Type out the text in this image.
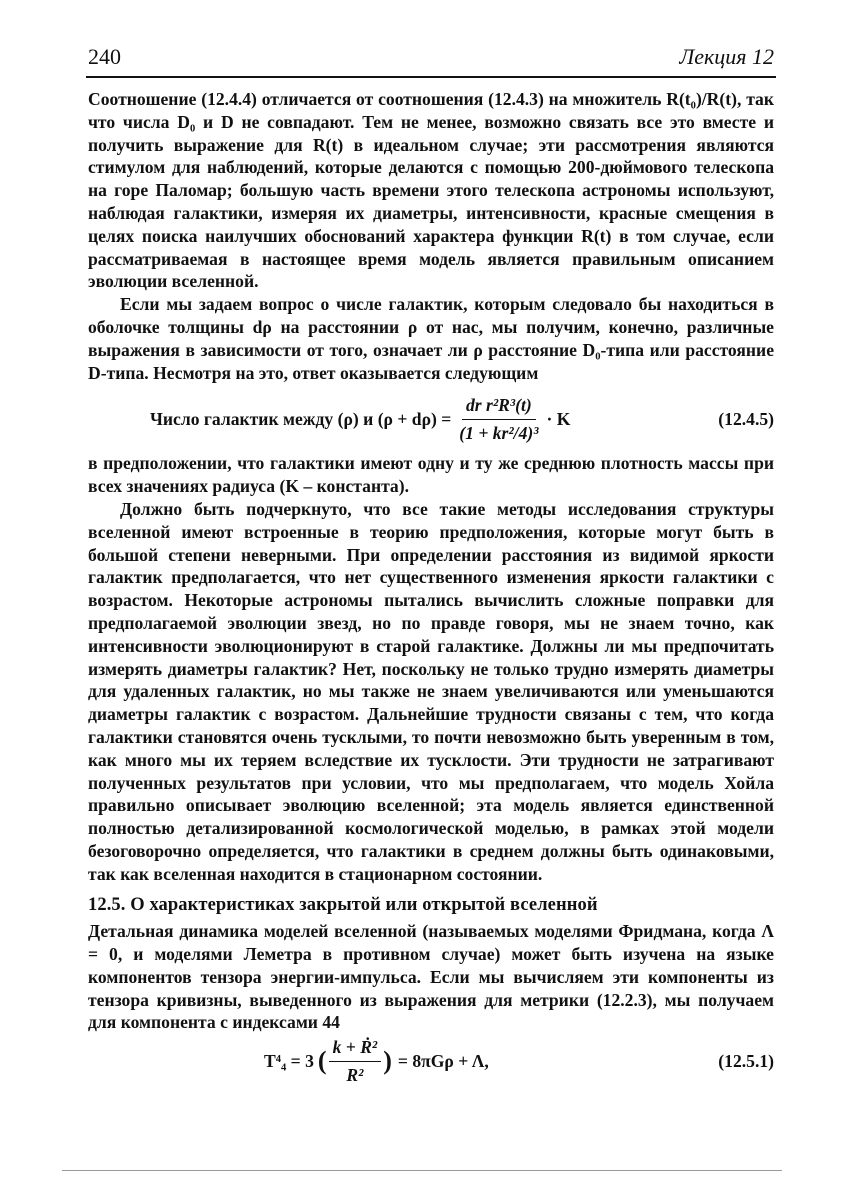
240	Лекция 12

Соотношение (12.4.4) отличается от соотношения (12.4.3) на множитель R(t₀)/R(t), так что числа D₀ и D не совпадают. Тем не менее, возможно связать все это вместе и получить выражение для R(t) в идеальном случае; эти рассмотрения являются стимулом для наблюдений, которые делаются с помощью 200-дюймового телескопа на горе Паломар; большую часть времени этого телескопа астрономы используют, наблюдая галактики, измеряя их диаметры, интенсивности, красные смещения в целях поиска наилучших обоснований характера функции R(t) в том случае, если рассматриваемая в настоящее время модель является правильным описанием эволюции вселенной.

Если мы задаем вопрос о числе галактик, которым следовало бы находиться в оболочке толщины dρ на расстоянии ρ от нас, мы получим, конечно, различные выражения в зависимости от того, означает ли ρ расстояние D₀-типа или расстояние D-типа. Несмотря на это, ответ оказывается следующим

Число галактик между (ρ) и $(\rho + d\rho) = \frac{\text{dr r²R³(t)}}{\text{(1 + kr²/4)³}} \cdot K$	(12.4.5)

в предположении, что галактики имеют одну и ту же среднюю плотность массы при всех значениях радиуса (K – константа).

Должно быть подчеркнуто, что все такие методы исследования структуры вселенной имеют встроенные в теорию предположения, которые могут быть в большой степени неверными. При определении расстояния из видимой яркости галактик предполагается, что нет существенного изменения яркости галактики с возрастом. Некоторые астрономы пытались вычислить сложные поправки для предполагаемой эволюции звезд, но по правде говоря, мы не знаем точно, как интенсивности эволюционируют в старой галактике. Должны ли мы предпочитать измерять диаметры галактик? Нет, поскольку не только трудно измерять диаметры для удаленных галактик, но мы также не знаем увеличиваются или уменьшаются диаметры галактик с возрастом. Дальнейшие трудности связаны с тем, что когда галактики становятся очень тусклыми, то почти невозможно быть уверенным в том, как много мы их теряем вследствие их тусклости. Эти трудности не затрагивают полученных результатов при условии, что мы предполагаем, что модель Хойла правильно описывает эволюцию вселенной; эта модель является единственной полностью детализированной космологической моделью, в рамках этой модели безоговорочно определяется, что галактики в среднем должны быть одинаковыми, так как вселенная находится в стационарном состоянии.

12.5. О характеристиках закрытой или открытой вселенной

Детальная динамика моделей вселенной (называемых моделями Фридмана, когда Λ = 0, и моделями Леметра в противном случае) может быть изучена на языке компонентов тензора энергии-импульса. Если мы вычисляем эти компоненты из тензора кривизны, выведенного из выражения для метрики (12.2.3), мы получаем для компонента с индексами 44

T⁴₄ = 3 ( $\frac{\text{k + Ṙ²}}{\text{R²}}$ ) = 8πGρ + Λ,	(12.5.1)
